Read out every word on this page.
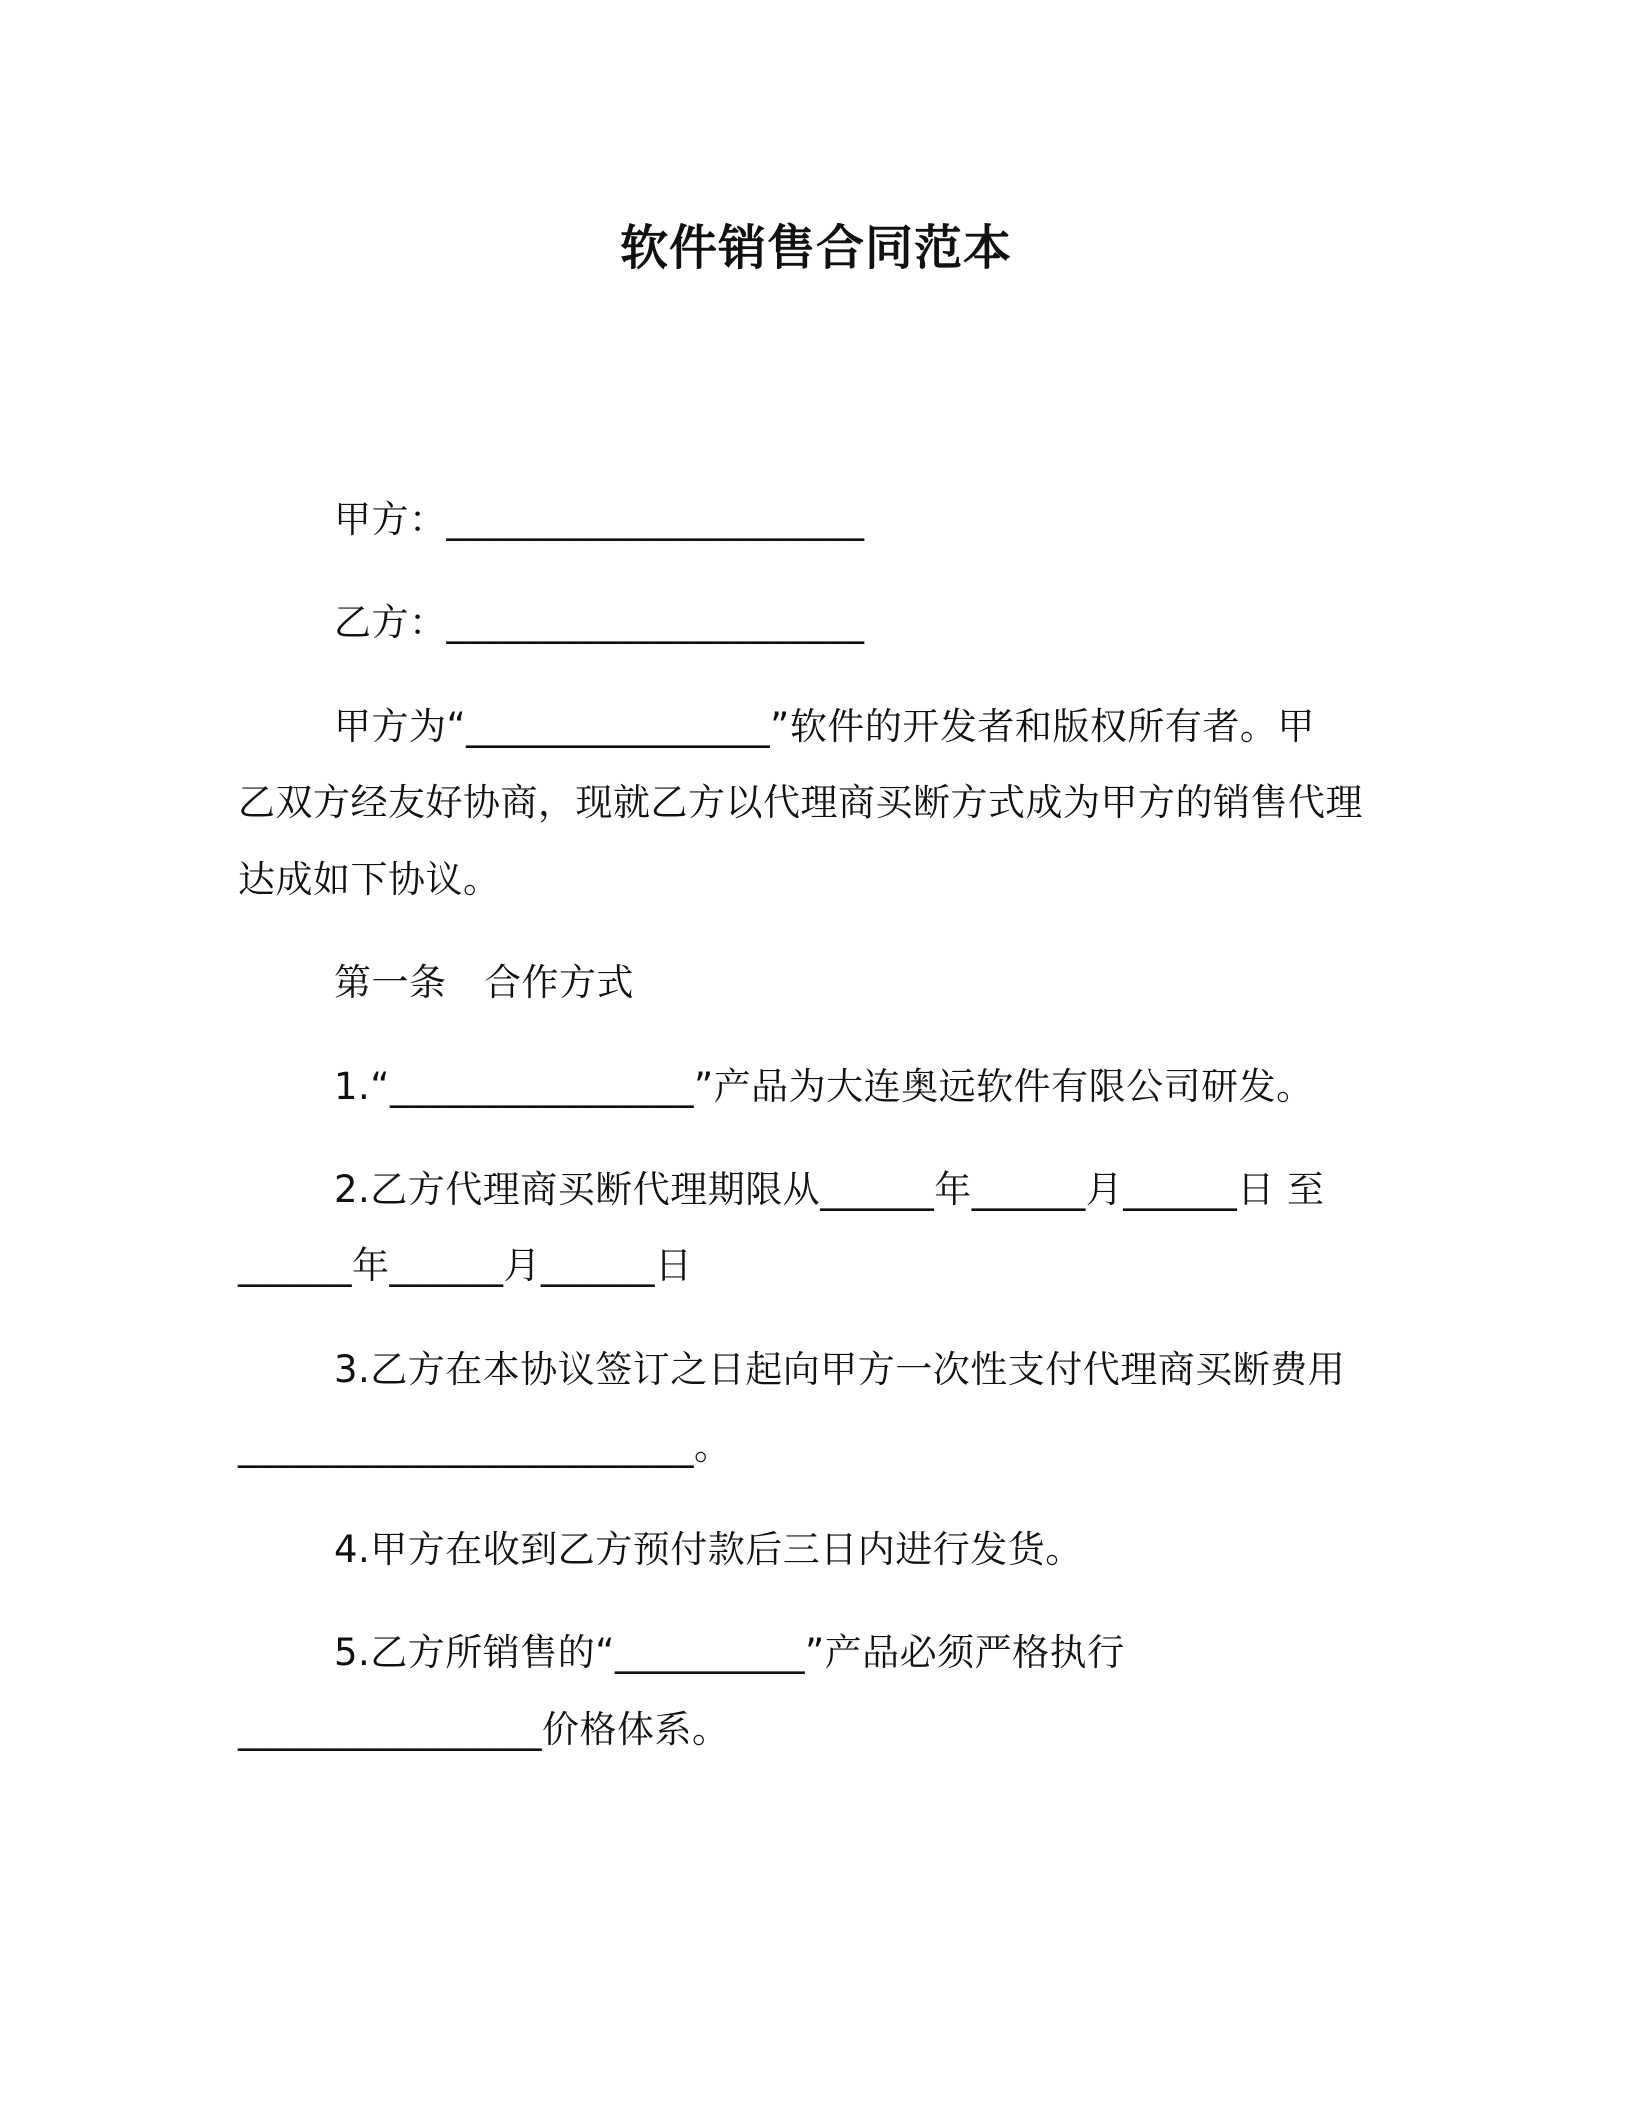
软件销售合同范本
甲方：______________________
乙方：______________________
甲方为“________________”软件的开发者和版权所有者。甲
乙双方经友好协商，现就乙方以代理商买断方式成为甲方的销售代理
达成如下协议。
第一条　合作方式
1.“________________”产品为大连奥远软件有限公司研发。
2.乙方代理商买断代理期限从______年______月______日 至
______年______月______日
3.乙方在本协议签订之日起向甲方一次性支付代理商买断费用
________________________。
4.甲方在收到乙方预付款后三日内进行发货。
5.乙方所销售的“__________”产品必须严格执行
________________价格体系。
